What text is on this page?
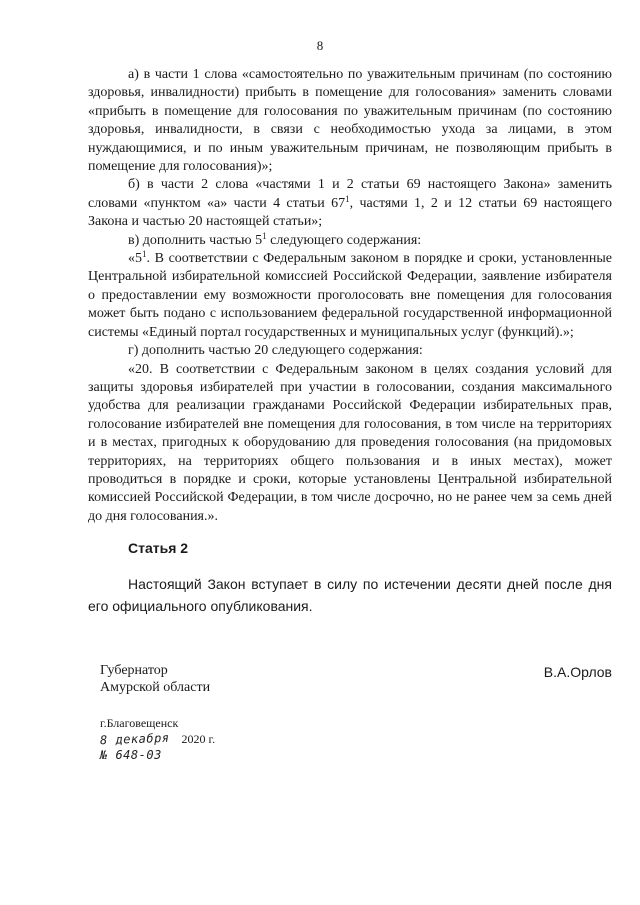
8

а) в части 1 слова «самостоятельно по уважительным причинам (по состоянию здоровья, инвалидности) прибыть в помещение для голосования» заменить словами «прибыть в помещение для голосования по уважительным причинам (по состоянию здоровья, инвалидности, в связи с необходимостью ухода за лицами, в этом нуждающимися, и по иным уважительным причинам, не позволяющим прибыть в помещение для голосования)»;

б) в части 2 слова «частями 1 и 2 статьи 69 настоящего Закона» заменить словами «пунктом «а» части 4 статьи $67^1$, частями 1, 2 и 12 статьи 69 настоящего Закона и частью 20 настоящей статьи»;

в) дополнить частью $5^1$ следующего содержания:

«$5^1$. В соответствии с Федеральным законом в порядке и сроки, установленные Центральной избирательной комиссией Российской Федерации, заявление избирателя о предоставлении ему возможности проголосовать вне помещения для голосования может быть подано с использованием федеральной государственной информационной системы «Единый портал государственных и муниципальных услуг (функций).»;

г) дополнить частью 20 следующего содержания:

«20. В соответствии с Федеральным законом в целях создания условий для защиты здоровья избирателей при участии в голосовании, создания максимального удобства для реализации гражданами Российской Федерации избирательных прав, голосование избирателей вне помещения для голосования, в том числе на территориях и в местах, пригодных к оборудованию для проведения голосования (на придомовых территориях, на территориях общего пользования и в иных местах), может проводиться в порядке и сроки, которые установлены Центральной избирательной комиссией Российской Федерации, в том числе досрочно, но не ранее чем за семь дней до дня голосования.».

Статья 2

Настоящий Закон вступает в силу по истечении десяти дней после дня его официального опубликования.

Губернатор
Амурской области
В.А.Орлов
г.Благовещенск
8 декабря 2020 г.
№ 648-03
